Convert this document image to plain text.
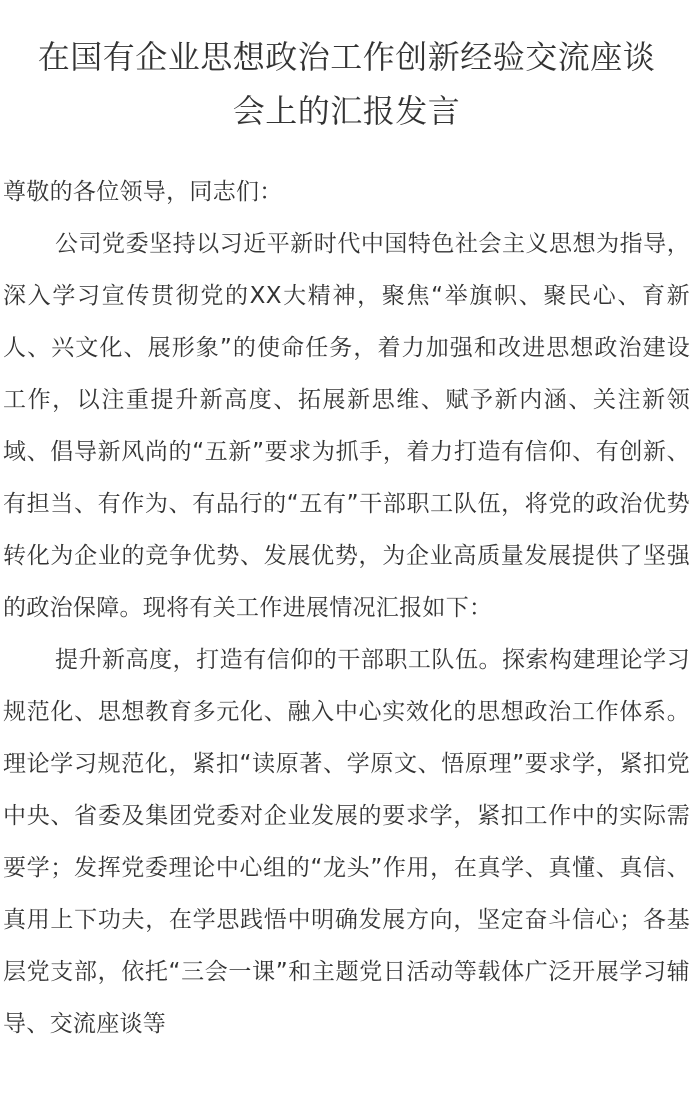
在国有企业思想政治工作创新经验交流座谈
会上的汇报发言

尊敬的各位领导，同志们：

公司党委坚持以习近平新时代中国特色社会主义思想为指导，深入学习宣传贯彻党的XX大精神，聚焦“举旗帜、聚民心、育新人、兴文化、展形象”的使命任务，着力加强和改进思想政治建设工作，以注重提升新高度、拓展新思维、赋予新内涵、关注新领域、倡导新风尚的“五新”要求为抓手，着力打造有信仰、有创新、有担当、有作为、有品行的“五有”干部职工队伍，将党的政治优势转化为企业的竞争优势、发展优势，为企业高质量发展提供了坚强的政治保障。现将有关工作进展情况汇报如下：

提升新高度，打造有信仰的干部职工队伍。探索构建理论学习规范化、思想教育多元化、融入中心实效化的思想政治工作体系。理论学习规范化，紧扣“读原著、学原文、悟原理”要求学，紧扣党中央、省委及集团党委对企业发展的要求学，紧扣工作中的实际需要学；发挥党委理论中心组的“龙头”作用，在真学、真懂、真信、真用上下功夫，在学思践悟中明确发展方向，坚定奋斗信心；各基层党支部，依托“三会一课”和主题党日活动等载体广泛开展学习辅导、交流座谈等
